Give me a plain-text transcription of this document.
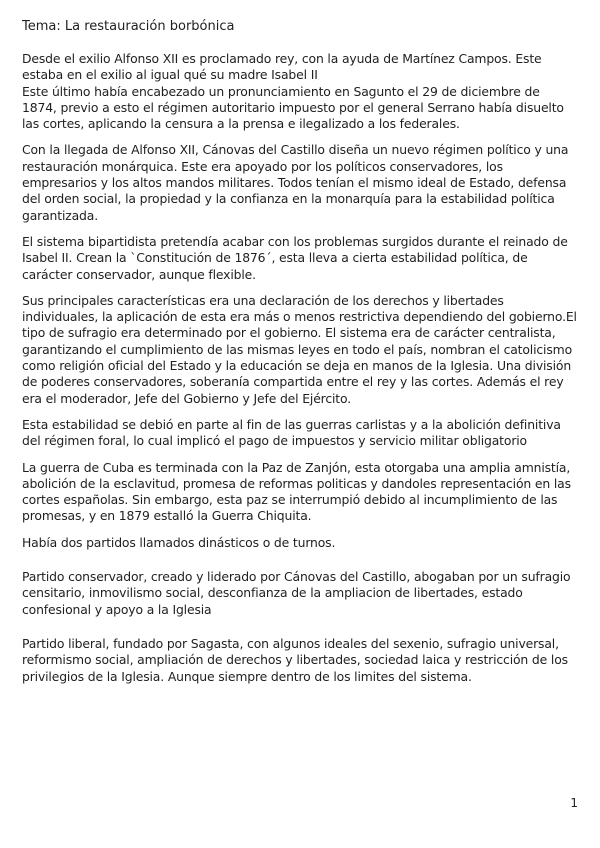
Tema: La restauración borbónica

Desde el exilio Alfonso XII es proclamado rey, con la ayuda de Martínez Campos. Este estaba en el exilio al igual qué su madre Isabel II
Este último había encabezado un pronunciamiento en Sagunto el 29 de diciembre de 1874, previo a esto el régimen autoritario impuesto por el general Serrano había disuelto las cortes, aplicando la censura a la prensa e ilegalizado a los federales.

Con la llegada de Alfonso XII, Cánovas del Castillo diseña un nuevo régimen político y una restauración monárquica. Este era apoyado por los políticos conservadores, los empresarios y los altos mandos militares. Todos tenían el mismo ideal de Estado, defensa del orden social, la propiedad y la confianza en la monarquía para la estabilidad política garantizada.

El sistema bipartidista pretendía acabar con los problemas surgidos durante el reinado de Isabel II. Crean la `Constitución de 1876´, esta lleva a cierta estabilidad política, de carácter conservador, aunque flexible.

Sus principales características era una declaración de los derechos y libertades individuales, la aplicación de esta era más o menos restrictiva dependiendo del gobierno.El tipo de sufragio era determinado por el gobierno. El sistema era de carácter centralista, garantizando el cumplimiento de las mismas leyes en todo el país, nombran el catolicismo como religión oficial del Estado y la educación se deja en manos de la Iglesia. Una división de poderes conservadores, soberanía compartida entre el rey y las cortes. Además el rey era el moderador, Jefe del Gobierno y Jefe del Ejército.

Esta estabilidad se debió en parte al fin de las guerras carlistas y a la abolición definitiva del régimen foral, lo cual implicó el pago de impuestos y servicio militar obligatorio

La guerra de Cuba es terminada con la Paz de Zanjón, esta otorgaba una amplia amnistía, abolición de la esclavitud, promesa de reformas politicas y dandoles representación en las cortes españolas. Sin embargo, esta paz se interrumpió debido al incumplimiento de las promesas, y en 1879 estalló la Guerra Chiquita.

Había dos partidos llamados dinásticos o de turnos.

Partido conservador, creado y liderado por Cánovas del Castillo, abogaban por un sufragio censitario, inmovilismo social, desconfianza de la ampliacion de libertades, estado confesional y apoyo a la Iglesia

Partido liberal, fundado por Sagasta, con algunos ideales del sexenio, sufragio universal, reformismo social, ampliación de derechos y libertades, sociedad laica y restricción de los privilegios de la Iglesia. Aunque siempre dentro de los limites del sistema.

1
